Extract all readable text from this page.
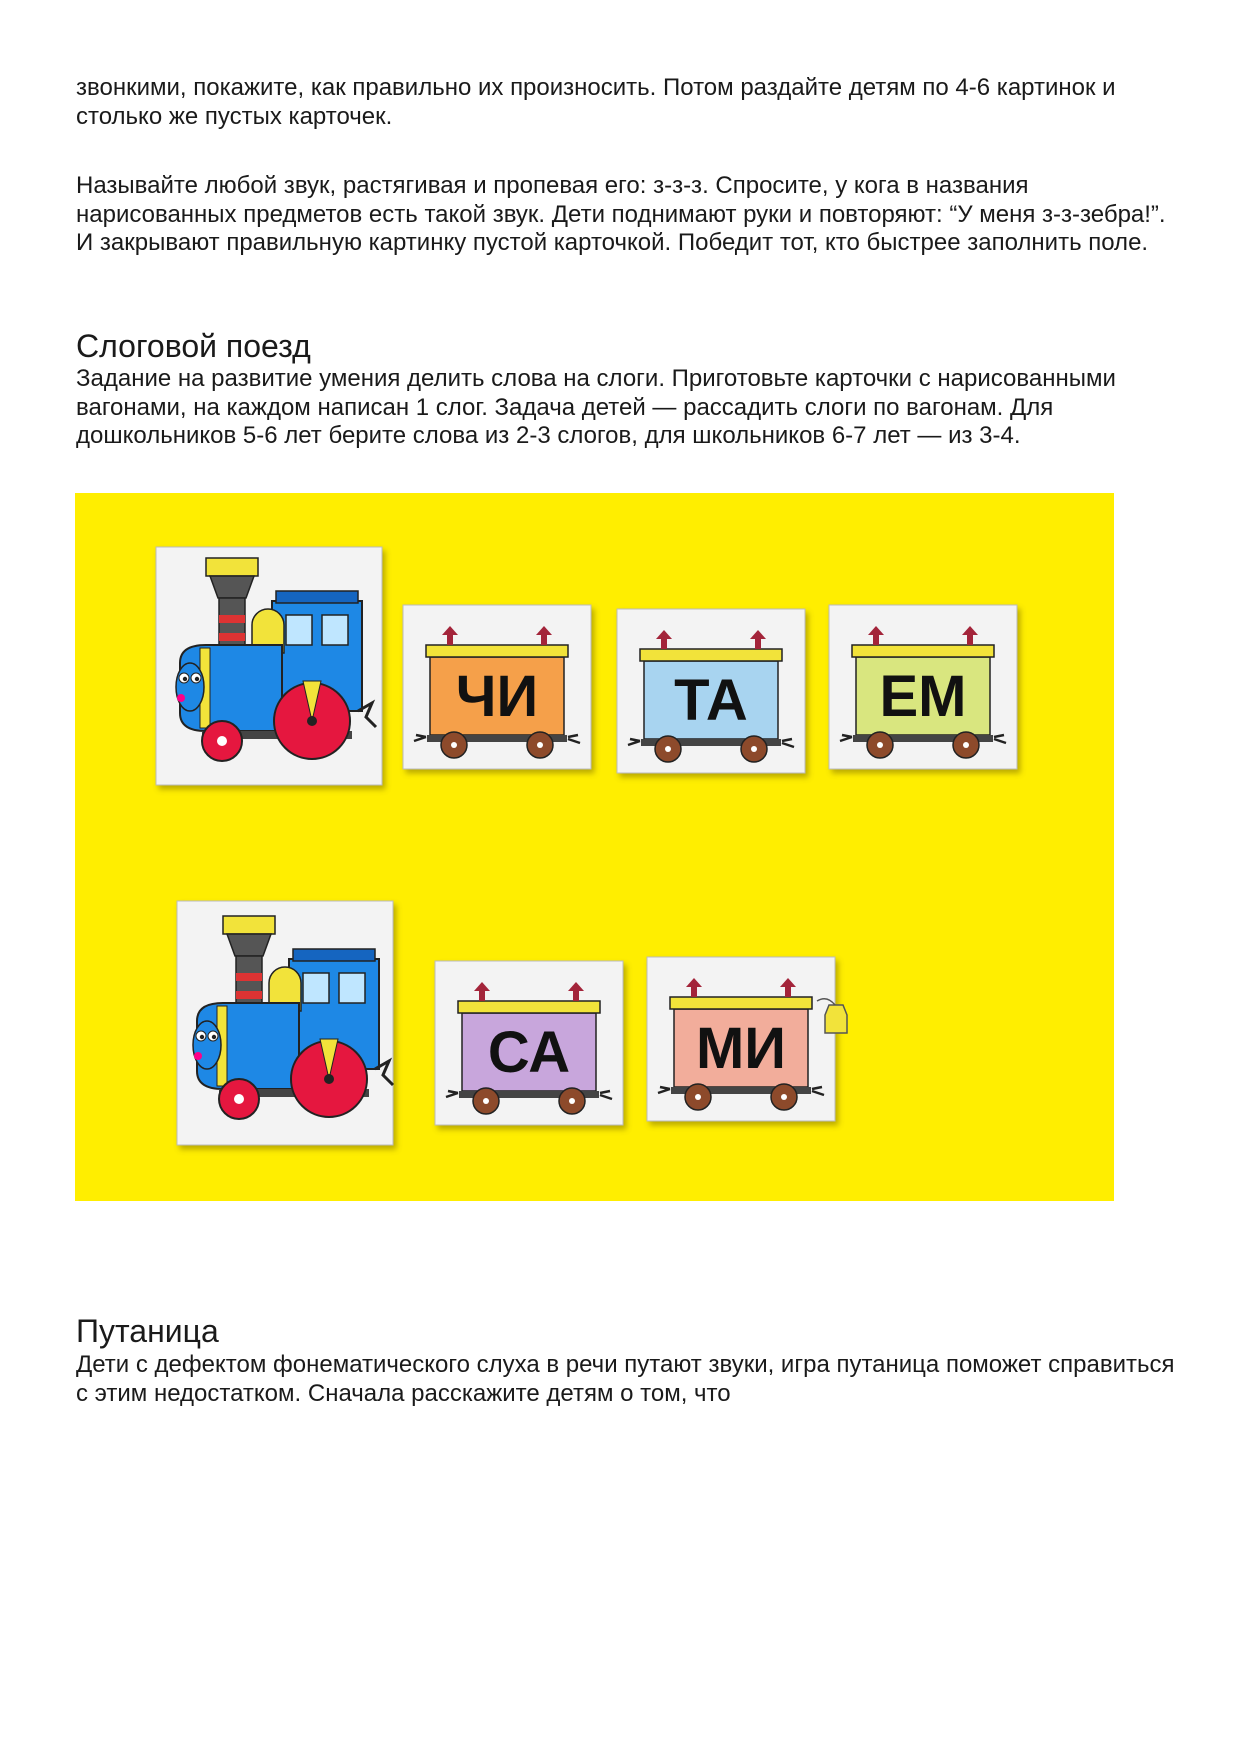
звонкими, покажите, как правильно их произносить. Потом раздайте детям по 4-6 картинок и столько же пустых карточек.

Называйте любой звук, растягивая и пропевая его: з-з-з. Спросите, у кога в названия нарисованных предметов есть такой звук. Дети поднимают руки и повторяют: “У меня з-з-зебра!”. И закрывают правильную картинку пустой карточкой. Победит тот, кто быстрее заполнить поле.

Слоговой поезд

Задание на развитие умения делить слова на слоги. Приготовьте карточки с нарисованными вагонами, на каждом написан 1 слог. Задача детей — рассадить слоги по вагонам. Для дошкольников 5-6 лет берите слова из 2-3 слогов, для школьников 6-7 лет — из 3-4.

ЧИ ТА ЕМ
СА МИ
Путаница

Дети с дефектом фонематического слуха в речи путают звуки, игра путаница поможет справиться с этим недостатком. Сначала расскажите детям о том, что
